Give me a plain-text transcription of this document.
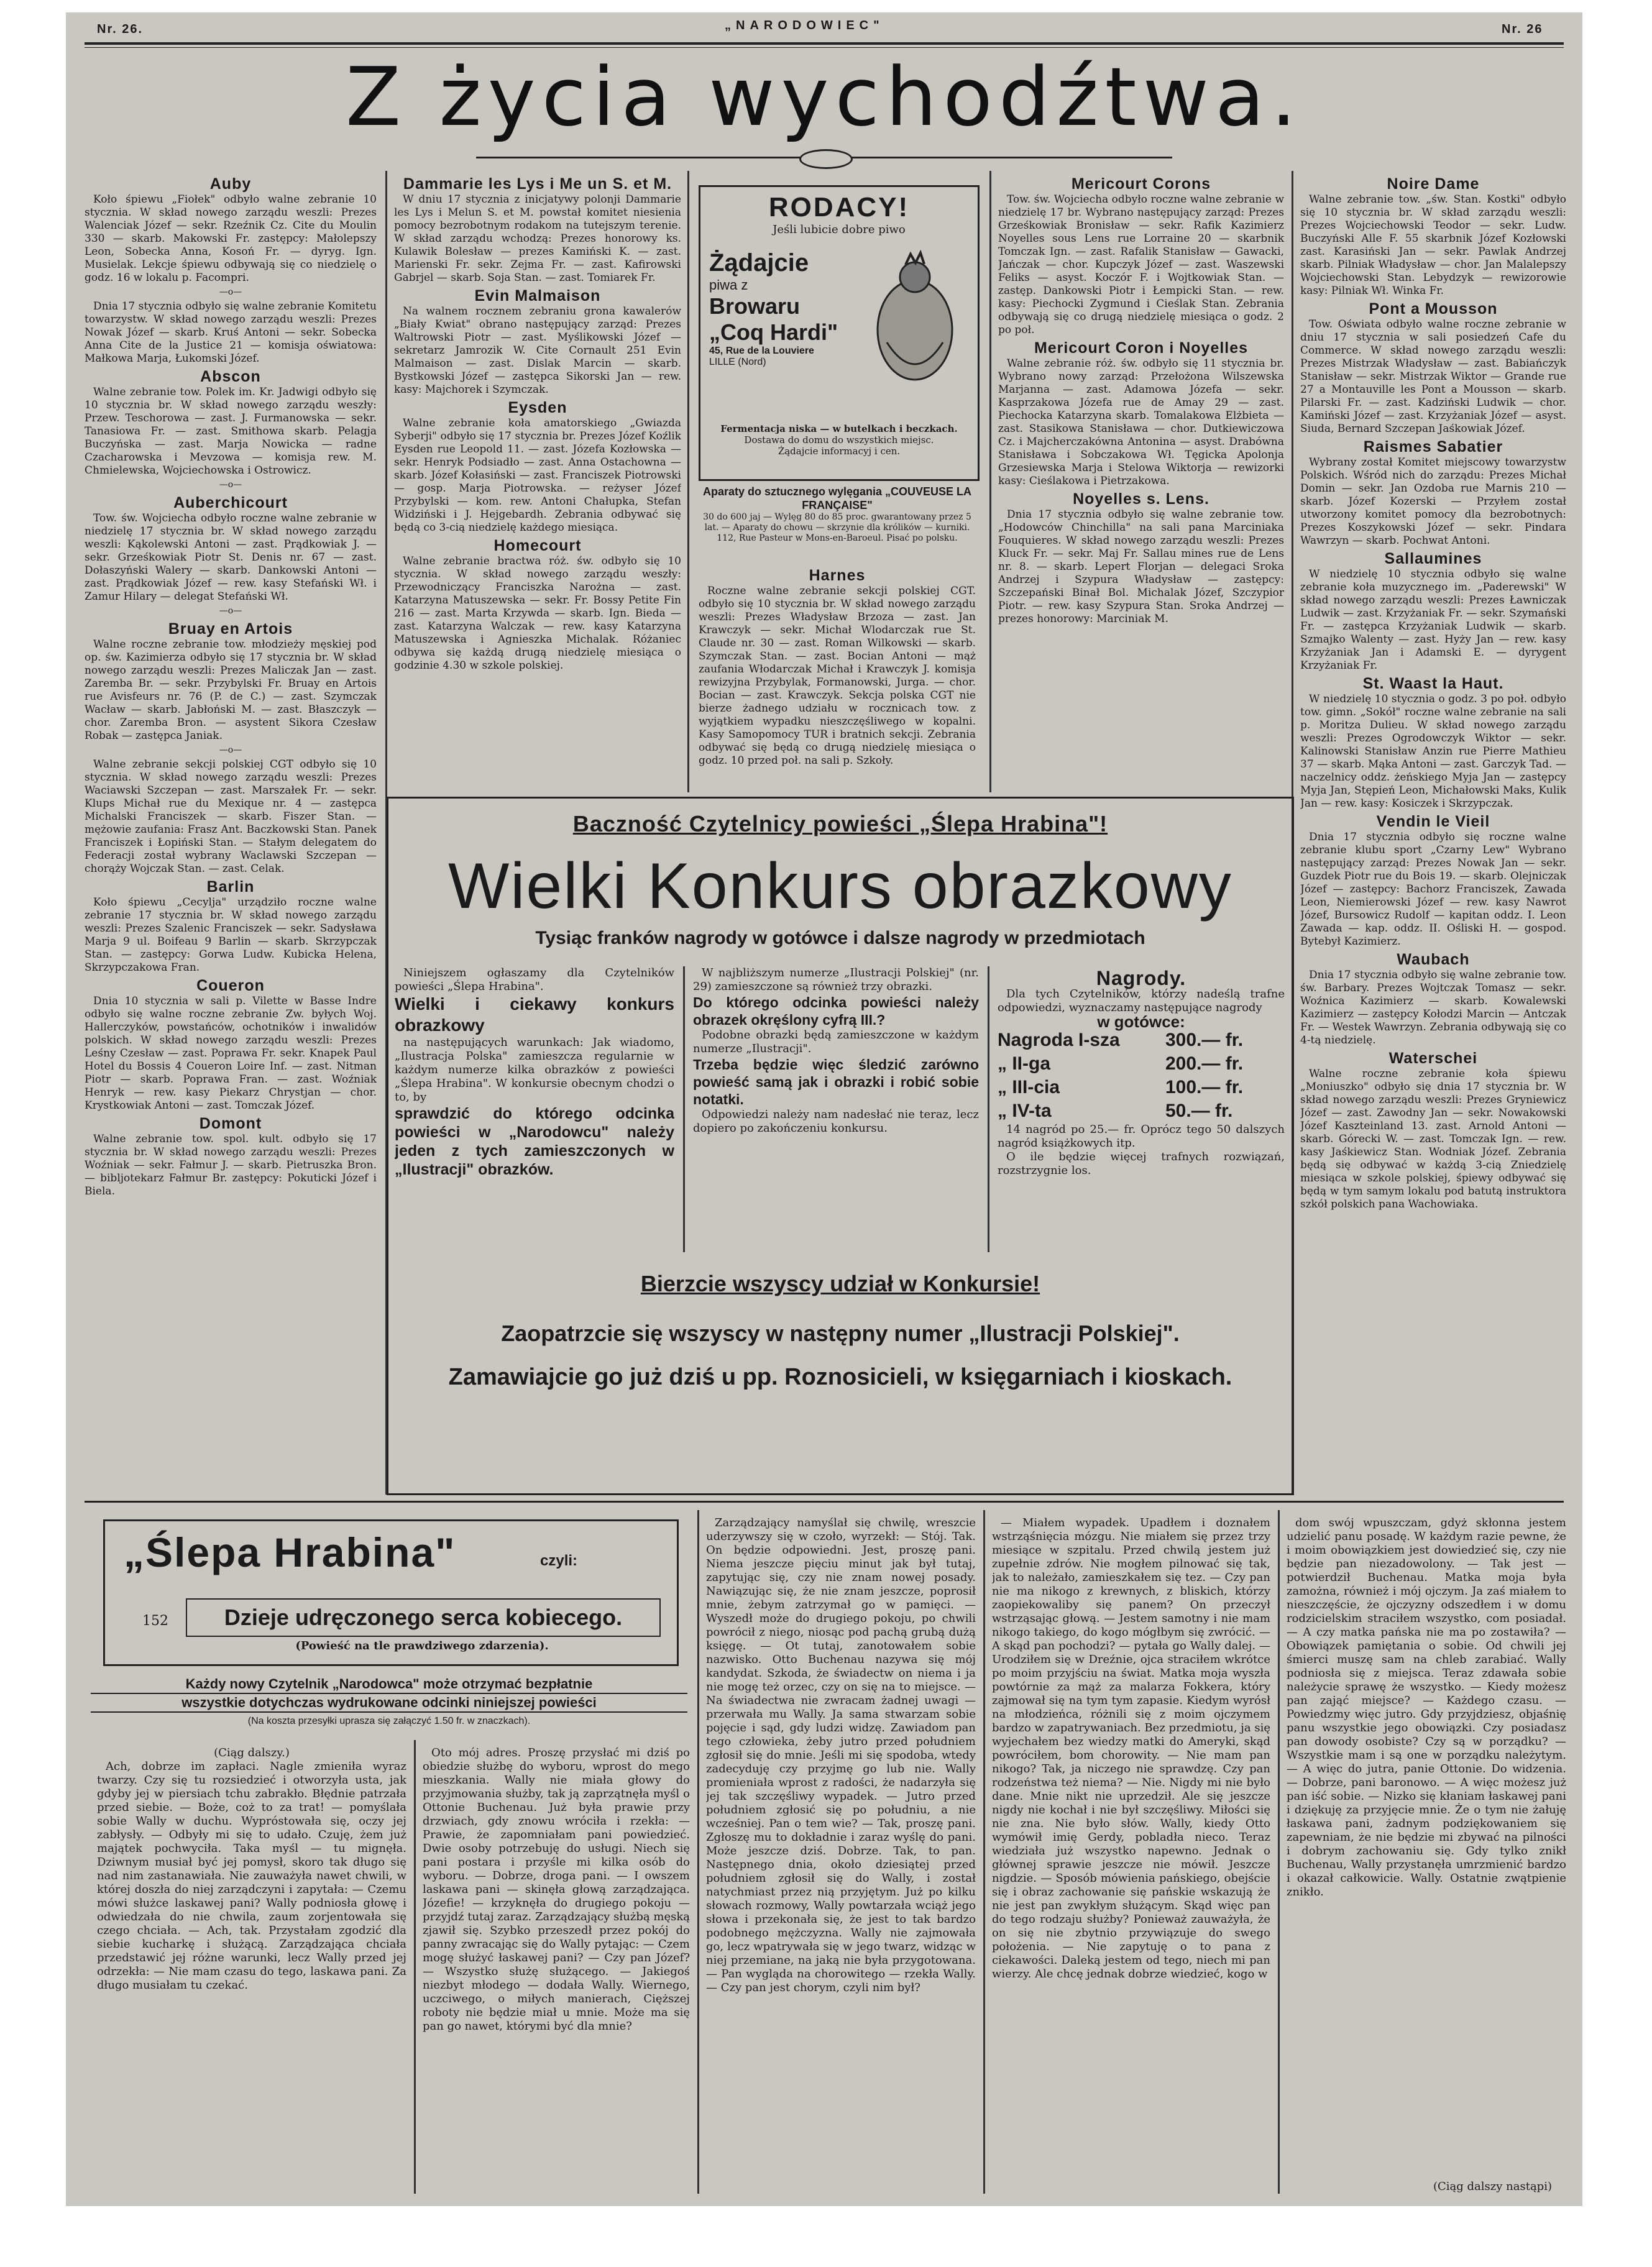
Nr. 26.	„NARODOWIEC"	Nr. 26
Z życia wychodźtwa.
Auby

Koło śpiewu „Fiołek" odbyło walne zebranie 10 stycznia. W skład nowego zarządu weszli: Prezes Walenciak Józef — sekr. Rzeźnik Cz. Cite du Moulin 330 — skarb. Makowski Fr. zastępcy: Małolepszy Leon, Sobecka Anna, Kosoń Fr. — dyryg. Ign. Musielak. Lekcje śpiewu odbywają się co niedzielę o godz. 16 w lokalu p. Facompri.

—o—

Dnia 17 stycznia odbyło się walne zebranie Komitetu towarzystw. W skład nowego zarządu weszli: Prezes Nowak Józef — skarb. Kruś Antoni — sekr. Sobecka Anna Cite de la Justice 21 — komisja oświatowa: Małkowa Marja, Łukomski Józef.

Abscon

Walne zebranie tow. Polek im. Kr. Jadwigi odbyło się 10 stycznia br. W skład nowego zarządu weszły: Przew. Teschorowa — zast. J. Furmanowska — sekr. Tanasiowa Fr. — zast. Smithowa skarb. Pelagja Buczyńska — zast. Marja Nowicka — radne Czacharowska i Mevzowa — komisja rew. M. Chmielewska, Wojciechowska i Ostrowicz.

—o—
Auberchicourt

Tow. św. Wojciecha odbyło roczne walne zebranie w niedzielę 17 stycznia br. W skład nowego zarządu weszli: Kąkolewski Antoni — zast. Prądkowiak J. — sekr. Grześkowiak Piotr St. Denis nr. 67 — zast. Dołaszyński Walery — skarb. Dankowski Antoni — zast. Prądkowiak Józef — rew. kasy Stefański Wł. i Zamur Hilary — delegat Stefański Wł.

—o—
Bruay en Artois

Walne roczne zebranie tow. młodzieży męskiej pod op. św. Kazimierza odbyło się 17 stycznia br. W skład nowego zarządu weszli: Prezes Maliczak Jan — zast. Zaremba Br. — sekr. Przybylski Fr. Bruay en Artois rue Avisfeurs nr. 76 (P. de C.) — zast. Szymczak Wacław — skarb. Jabłoński M. — zast. Błaszczyk — chor. Zaremba Bron. — asystent Sikora Czesław Robak — zastępca Janiak.

—o—

Walne zebranie sekcji polskiej CGT odbyło się 10 stycznia. W skład nowego zarządu weszli: Prezes Waciawski Szczepan — zast. Marszałek Fr. — sekr. Klups Michał rue du Mexique nr. 4 — zastępca Michalski Franciszek — skarb. Fiszer Stan. — mężowie zaufania: Frasz Ant. Baczkowski Stan. Panek Franciszek i Łopiński Stan. — Stałym delegatem do Federacji został wybrany Waclawski Szczepan — chorąży Wojczak Stan. — zast. Celak.

Barlin

Koło śpiewu „Cecylja" urządziło roczne walne zebranie 17 stycznia br. W skład nowego zarządu weszli: Prezes Szalenic Franciszek — sekr. Sadysława Marja 9 ul. Boifeau 9 Barlin — skarb. Skrzypczak Stan. — zastępcy: Gorwa Ludw. Kubicka Helena, Skrzypczakowa Fran.

Coueron

Dnia 10 stycznia w sali p. Vilette w Basse Indre odbyło się walne roczne zebranie Zw. byłych Woj. Hallerczyków, powstańców, ochotników i inwalidów polskich. W skład nowego zarządu weszli: Prezes Leśny Czesław — zast. Poprawa Fr. sekr. Knapek Paul Hotel du Bossis 4 Coueron Loire Inf. — zast. Nitman Piotr — skarb. Poprawa Fran. — zast. Woźniak Henryk — rew. kasy Piekarz Chrystjan — chor. Krystkowiak Antoni — zast. Tomczak Józef.

Domont

Walne zebranie tow. spol. kult. odbyło się 17 stycznia br. W skład nowego zarządu weszli: Prezes Woźniak — sekr. Fałmur J. — skarb. Pietruszka Bron. — bibljotekarz Fałmur Br. zastępcy: Pokuticki Józef i Biela.

Dammarie les Lys i Me un S. et M.

W dniu 17 stycznia z inicjatywy polonji Dammarie les Lys i Melun S. et M. powstał komitet niesienia pomocy bezrobotnym rodakom na tutejszym terenie. W skład zarządu wchodzą: Prezes honorowy ks. Kulawik Bolesław — prezes Kamiński K. — zast. Marienski Fr. sekr. Zejma Fr. — zast. Kafirowski Gabrjel — skarb. Soja Stan. — zast. Tomiarek Fr.

Evin Malmaison

Na walnem rocznem zebraniu grona kawalerów „Biały Kwiat" obrano następujący zarząd: Prezes Waltrowski Piotr — zast. Myślikowski Józef — sekretarz Jamrozik W. Cite Cornault 251 Evin Malmaison — zast. Dislak Marcin — skarb. Bystkowski Józef — zastępca Sikorski Jan — rew. kasy: Majchorek i Szymczak.

Eysden

Walne zebranie koła amatorskiego „Gwiazda Syberji" odbyło się 17 stycznia br. Prezes Józef Koźlik Eysden rue Leopold 11. — zast. Józefa Kozłowska — sekr. Henryk Podsiadło — zast. Anna Ostachowna — skarb. Józef Kołasiński — zast. Franciszek Piotrowski — gosp. Marja Piotrowska. — reżyser Józef Przybylski — kom. rew. Antoni Chałupka, Stefan Widziński i J. Hejgebardh. Zebrania odbywać się będą co 3-cią niedzielę każdego miesiąca.

Homecourt

Walne zebranie bractwa róż. św. odbyło się 10 stycznia. W skład nowego zarządu weszły: Przewodniczący Franciszka Narożna — zast. Katarzyna Matuszewska — sekr. Fr. Bossy Petite Fin 216 — zast. Marta Krzywda — skarb. Ign. Bieda — zast. Katarzyna Walczak — rew. kasy Katarzyna Matuszewska i Agnieszka Michalak. Różaniec odbywa się każdą drugą niedzielę miesiąca o godzinie 4.30 w szkole polskiej.

RODACY!
Jeśli lubicie dobre piwo
Żądajcie
piwa z
Browaru
„Coq Hardi"
45, Rue de la Louviere
LILLE (Nord)
Fermentacja niska — w butelkach i beczkach.
Dostawa do domu do wszystkich miejsc.
Żądajcie informacyj i cen.
Aparaty do sztucznego wylęgania „COUVEUSE LA FRANÇAISE"
30 do 600 jaj — Wylęg 80 do 85 proc. gwarantowany przez 5 lat. — Aparaty do chowu — skrzynie dla królików — kurniki. 112, Rue Pasteur w Mons-en-Baroeul. Pisać po polsku.
Harnes

Roczne walne zebranie sekcji polskiej CGT. odbyło się 10 stycznia br. W skład nowego zarządu weszli: Prezes Władysław Brzoza — zast. Jan Krawczyk — sekr. Michał Wlodarczak rue St. Claude nr. 30 — zast. Roman Wilkowski — skarb. Szymczak Stan. — zast. Bocian Antoni — mąż zaufania Włodarczak Michał i Krawczyk J. komisja rewizyjna Przybylak, Formanowski, Jurga. — chor. Bocian — zast. Krawczyk. Sekcja polska CGT nie bierze żadnego udziału w rocznicach tow. z wyjątkiem wypadku nieszczęśliwego w kopalni. Kasy Samopomocy TUR i bratnich sekcji. Zebrania odbywać się będą co drugą niedzielę miesiąca o godz. 10 przed poł. na sali p. Szkoły.

Mericourt Corons

Tow. św. Wojciecha odbyło roczne walne zebranie w niedzielę 17 br. Wybrano następujący zarząd: Prezes Grześkowiak Bronisław — sekr. Rafik Kazimierz Noyelles sous Lens rue Lorraine 20 — skarbnik Tomczak Ign. — zast. Rafalik Stanisław — Gawacki, Jańczak — chor. Kupczyk Józef — zast. Waszewski Feliks — asyst. Koczór F. i Wojtkowiak Stan. — zastęp. Dankowski Piotr i Łempicki Stan. — rew. kasy: Piechocki Zygmund i Cieślak Stan. Zebrania odbywają się co drugą niedzielę miesiąca o godz. 2 po poł.

Mericourt Coron i Noyelles

Walne zebranie róż. św. odbyło się 11 stycznia br. Wybrano nowy zarząd: Przełożona Wilszewska Marjanna — zast. Adamowa Józefa — sekr. Kasprzakowa Józefa rue de Amay 29 — zast. Piechocka Katarzyna skarb. Tomalakowa Elżbieta — zast. Stasikowa Stanisława — chor. Dutkiewiczowa Cz. i Majcherczakówna Antonina — asyst. Drabówna Stanisława i Sobczakowa Wł. Tęgicka Apolonja Grzesiewska Marja i Stelowa Wiktorja — rewizorki kasy: Cieślakowa i Pietrzakowa.

Noyelles s. Lens.

Dnia 17 stycznia odbyło się walne zebranie tow. „Hodowców Chinchilla" na sali pana Marciniaka Fouquieres. W skład nowego zarządu weszli: Prezes Kluck Fr. — sekr. Maj Fr. Sallau mines rue de Lens nr. 8. — skarb. Lepert Florjan — delegaci Sroka Andrzej i Szypura Władysław — zastępcy: Szczepański Binał Bol. Michalak Józef, Szczypior Piotr. — rew. kasy Szypura Stan. Sroka Andrzej — prezes honorowy: Marciniak M.

Noire Dame

Walne zebranie tow. „św. Stan. Kostki" odbyło się 10 stycznia br. W skład zarządu weszli: Prezes Wojciechowski Teodor — sekr. Ludw. Buczyński Alle F. 55 skarbnik Józef Kozłowski zast. Karasiński Jan — sekr. Pawlak Andrzej skarb. Pilniak Władysław — chor. Jan Malalepszy Wojciechowski Stan. Lebydzyk — rewizorowie kasy: Pilniak Wł. Winka Fr.

Pont a Mousson

Tow. Oświata odbyło walne roczne zebranie w dniu 17 stycznia w sali posiedzeń Cafe du Commerce. W skład nowego zarządu weszli: Prezes Mistrzak Władysław — zast. Babiańczyk Stanisław — sekr. Mistrzak Wiktor — Grande rue 27 a Montauville les Pont a Mousson — skarb. Pilarski Fr. — zast. Kadziński Ludwik — chor. Kamiński Józef — zast. Krzyżaniak Józef — asyst. Siuda, Bernard Szczepan Jaśkowiak Józef.

Raismes Sabatier

Wybrany został Komitet miejscowy towarzystw Polskich. Wśród nich do zarządu: Prezes Michał Domin — sekr. Jan Ozdoba rue Marnis 210 — skarb. Józef Kozerski — Przyłem został utworzony komitet pomocy dla bezrobotnych: Prezes Koszykowski Józef — sekr. Pindara Wawrzyn — skarb. Pochwat Antoni.

Sallaumines

W niedzielę 10 stycznia odbyło się walne zebranie koła muzycznego im. „Paderewski" W skład nowego zarządu weszli: Prezes Ławniczak Ludwik — zast. Krzyżaniak Fr. — sekr. Szymański Fr. — zastępca Krzyżaniak Ludwik — skarb. Szmajko Walenty — zast. Hyży Jan — rew. kasy Krzyżaniak Jan i Adamski E. — dyrygent Krzyżaniak Fr.

St. Waast la Haut.

W niedzielę 10 stycznia o godz. 3 po poł. odbyło tow. gimn. „Sokół" roczne walne zebranie na sali p. Moritza Dulieu. W skład nowego zarządu weszli: Prezes Ogrodowczyk Wiktor — sekr. Kalinowski Stanisław Anzin rue Pierre Mathieu 37 — skarb. Mąka Antoni — zast. Garczyk Tad. — naczelnicy oddz. żeńskiego Myja Jan — zastępcy Myja Jan, Stępień Leon, Michałowski Maks, Kulik Jan — rew. kasy: Kosiczek i Skrzypczak.

Vendin le Vieil

Dnia 17 stycznia odbyło się roczne walne zebranie klubu sport „Czarny Lew" Wybrano następujący zarząd: Prezes Nowak Jan — sekr. Guzdek Piotr rue du Bois 19. — skarb. Olejniczak Józef — zastępcy: Bachorz Franciszek, Zawada Leon, Niemierowski Józef — rew. kasy Nawrot Józef, Bursowicz Rudolf — kapitan oddz. I. Leon Zawada — kap. oddz. II. Ośliski H. — gospod. Bytebył Kazimierz.

Waubach

Dnia 17 stycznia odbyło się walne zebranie tow. św. Barbary. Prezes Wojtczak Tomasz — sekr. Woźnica Kazimierz — skarb. Kowalewski Kazimierz — zastępcy Kołodzi Marcin — Antczak Fr. — Westek Wawrzyn. Zebrania odbywają się co 4-tą niedzielę.

Waterschei

Walne roczne zebranie koła śpiewu „Moniuszko" odbyło się dnia 17 stycznia br. W skład nowego zarządu weszli: Prezes Gryniewicz Józef — zast. Zawodny Jan — sekr. Nowakowski Józef Kaszteinland 13. zast. Arnold Antoni — skarb. Górecki W. — zast. Tomczak Ign. — rew. kasy Jaśkiewicz Stan. Wodniak Józef. Zebrania będą się odbywać w każdą 3-cią Zniedzielę miesiąca w szkole polskiej, śpiewy odbywać się będą w tym samym lokalu pod batutą instruktora szkół polskich pana Wachowiaka.

Baczność Czytelnicy powieści „Ślepa Hrabina"!
Wielki Konkurs obrazkowy
Tysiąc franków nagrody w gotówce i dalsze nagrody w przedmiotach

Niniejszem ogłaszamy dla Czytelników powieści „Ślepa Hrabina".

Wielki i ciekawy konkurs obrazkowy

na następujących warunkach: Jak wiadomo, „Ilustracja Polska" zamieszcza regularnie w każdym numerze kilka obrazków z powieści „Ślepa Hrabina". W konkursie obecnym chodzi o to, by

sprawdzić do którego odcinka powieści w „Narodowcu" należy jeden z tych zamieszczonych w „Ilustracji" obrazków.

W najbliższym numerze „Ilustracji Polskiej" (nr. 29) zamieszczone są również trzy obrazki.

Do którego odcinka powieści należy obrazek okręślony cyfrą III.?

Podobne obrazki będą zamieszczone w każdym numerze „Ilustracji".

Trzeba będzie więc śledzić zarówno powieść samą jak i obrazki i robić sobie notatki.

Odpowiedzi należy nam nadesłać nie teraz, lecz dopiero po zakończeniu konkursu.

Nagrody.

Dla tych Czytelników, którzy nadeślą trafne odpowiedzi, wyznaczamy następujące nagrody

w gotówce:
Nagroda I-sza	300.— fr.
„ II-ga	200.— fr.
„ III-cia	100.— fr.
„ IV-ta	50.— fr.

14 nagród po 25.— fr. Oprócz tego 50 dalszych nagród książkowych itp.

O ile będzie więcej trafnych rozwiązań, rozstrzygnie los.

Bierzcie wszyscy udział w Konkursie!
Zaopatrzcie się wszyscy w następny numer „Ilustracji Polskiej".
Zamawiajcie go już dziś u pp. Roznosicieli, w księgarniach i kioskach.
„Ślepa Hrabina"	czyli:
152	Dzieje udręczonego serca kobiecego.
(Powieść na tle prawdziwego zdarzenia).
Każdy nowy Czytelnik „Narodowca" może otrzymać bezpłatnie
wszystkie dotychczas wydrukowane odcinki niniejszej powieści
(Na koszta przesyłki uprasza się załączyć 1.50 fr. w znaczkach).
(Ciąg dalszy.)

Ach, dobrze im zapłaci. Nagle zmieniła wyraz twarzy. Czy się tu rozsiedzieć i otworzyła usta, jak gdyby jej w piersiach tchu zabrakło. Błędnie patrzała przed siebie. — Boże, coż to za trat! — pomyślała sobie Wally w duchu. Wypróstowała się, oczy jej zabłysły. — Odbyły mi się to udało. Czuję, żem już majątek pochwyciła. Taka myśl — tu mignęła. Dziwnym musiał być jej pomysł, skoro tak długo się nad nim zastanawiała. Nie zauważyła nawet chwili, w której doszła do niej zarządczyni i zapytała: — Czemu mówi służce laskawej pani? Wally podniosła głowę i odwiedzała do nie chwila, zaum zorjentowała się czego chciała. — Ach, tak. Przystałam zgodzić dla siebie kucharkę i służącą. Zarządzająca chciała przedstawić jej różne warunki, lecz Wally przed jej odrzekła: — Nie mam czasu do tego, laskawa pani. Za długo musiałam tu czekać.

Oto mój adres. Proszę przysłać mi dziś po obiedzie służbę do wyboru, wprost do mego mieszkania. Wally nie miała głowy do przyjmowania służby, tak ją zaprzątnęła myśl o Ottonie Buchenau. Już była prawie przy drzwiach, gdy znowu wróciła i rzekła: — Prawie, że zapomniałam pani powiedzieć. Dwie osoby potrzebuję do usługi. Niech się pani postara i przyśle mi kilka osób do wyboru. — Dobrze, droga pani. — I owszem laskawa pani — skinęła głową zarządzająca. Józefie! — krzyknęła do drugiego pokoju — przyjdź tutaj zaraz. Zarządzający służbą męską zjawił się. Szybko przeszedł przez pokój do panny zwracając się do Wally pytając: — Czem mogę służyć łaskawej pani? — Czy pan Józef? — Wszystko służę służącego. — Jakiegoś niezbyt młodego — dodała Wally. Wiernego, uczciwego, o miłych manierach, Cięższej roboty nie będzie miał u mnie. Może ma się pan go nawet, którymi być dla mnie?

Zarządzający namyślał się chwilę, wreszcie uderzywszy się w czoło, wyrzekł: — Stój. Tak. On będzie odpowiedni. Jest, proszę pani. Niema jeszcze pięciu minut jak był tutaj, zapytując się, czy nie znam nowej posady. Nawiązując się, że nie znam jeszcze, poprosił mnie, żebym zatrzymał go w pamięci. — Wyszedł może do drugiego pokoju, po chwili powrócił z niego, niosąc pod pachą grubą dużą księgę. — Ot tutaj, zanotowałem sobie nazwisko. Otto Buchenau nazywa się mój kandydat. Szkoda, że świadectw on niema i ja nie mogę też orzec, czy on się na to miejsce. — Na świadectwa nie zwracam żadnej uwagi — przerwała mu Wally. Ja sama stwarzam sobie pojęcie i sąd, gdy ludzi widzę. Zawiadom pan tego człowieka, żeby jutro przed południem zgłosił się do mnie. Jeśli mi się spodoba, wtedy zadecyduję czy przyjmę go lub nie. Wally promieniała wprost z radości, że nadarzyła się jej tak szczęśliwy wypadek. — Jutro przed południem zgłosić się po południu, a nie wcześniej. Pan o tem wie? — Tak, proszę pani. Zgłoszę mu to dokładnie i zaraz wyślę do pani. Może jeszcze dziś. Dobrze. Tak, to pan. Następnego dnia, około dziesiątej przed południem zgłosił się do Wally, i został natychmiast przez nią przyjętym. Już po kilku słowach rozmowy, Wally powtarzała wciąż jego słowa i przekonała się, że jest to tak bardzo podobnego mężczyzna. Wally nie zajmowała go, lecz wpatrywała się w jego twarz, widząc w niej przemiane, na jaką nie była przygotowana. — Pan wygląda na chorowitego — rzekła Wally. — Czy pan jest chorym, czyli nim był?

— Miałem wypadek. Upadłem i doznałem wstrząśnięcia mózgu. Nie miałem się przez trzy miesiące w szpitalu. Przed chwilą jestem już zupełnie zdrów. Nie mogłem pilnować się tak, jak to należało, zamieszkałem się tez. — Czy pan nie ma nikogo z krewnych, z bliskich, którzy zaopiekowaliby się panem? On przeczył wstrząsając głową. — Jestem samotny i nie mam nikogo takiego, do kogo mógłbym się zwrócić. — A skąd pan pochodzi? — pytała go Wally dalej. — Urodziłem się w Dreźnie, ojca straciłem wkrótce po moim przyjściu na świat. Matka moja wyszła powtórnie za mąż za malarza Fokkera, który zajmował się na tym tym zapasie. Kiedym wyrósł na młodzieńca, różnili się z moim ojczymem bardzo w zapatrywaniach. Bez przedmiotu, ja się wyjechałem bez wiedzy matki do Ameryki, skąd powróciłem, bom chorowity. — Nie mam pan nikogo? Tak, ja niczego nie sprawdzę. Czy pan rodzeństwa też niema? — Nie. Nigdy mi nie było dane. Mnie nikt nie uprzedził. Ale się jeszcze nigdy nie kochał i nie był szczęśliwy. Miłości się nie zna. Nie było słów. Wally, kiedy Otto wymówił imię Gerdy, pobladła nieco. Teraz wiedziała już wszystko napewno. Jednak o głównej sprawie jeszcze nie mówił. Jeszcze nigdzie. — Sposób mówienia pańskiego, obejście się i obraz zachowanie się pańskie wskazują że nie jest pan zwykłym służącym. Skąd więc pan do tego rodzaju służby? Ponieważ zauważyła, że on się nie zbytnio przywiązuje do swego położenia. — Nie zapytuję o to pana z ciekawości. Daleką jestem od tego, niech mi pan wierzy. Ale chcę jednak dobrze wiedzieć, kogo w

dom swój wpuszczam, gdyż skłonna jestem udzielić panu posadę. W każdym razie pewne, że i moim obowiązkiem jest dowiedzieć się, czy nie będzie pan niezadowolony. — Tak jest — potwierdził Buchenau. Matka moja była zamożna, również i mój ojczym. Ja zaś miałem to nieszczęście, że ojczyzny odszedłem i w domu rodzicielskim straciłem wszystko, com posiadał. — A czy matka pańska nie ma po zostawiła? — Obowiązek pamiętania o sobie. Od chwili jej śmierci muszę sam na chleb zarabiać. Wally podniosła się z miejsca. Teraz zdawała sobie należycie sprawę że wszystko. — Kiedy możesz pan zająć miejsce? — Każdego czasu. — Powiedzmy więc jutro. Gdy przyjdziesz, objaśnię panu wszystkie jego obowiązki. Czy posiadasz pan dowody osobiste? Czy są w porządku? — Wszystkie mam i są one w porządku należytym. — A więc do jutra, panie Ottonie. Do widzenia. — Dobrze, pani baronowo. — A więc możesz już pan iść sobie. — Nizko się kłaniam łaskawej pani i dziękuję za przyjęcie mnie. Że o tym nie żałuję łaskawa pani, żadnym podziękowaniem się zapewniam, że nie będzie mi zbywać na pilności i dobrym zachowaniu się. Gdy tylko znikł Buchenau, Wally przystanęła umrzmienić bardzo i okazał całkowicie. Wally. Ostatnie zwątpienie znikło.

(Ciąg dalszy nastąpi)
